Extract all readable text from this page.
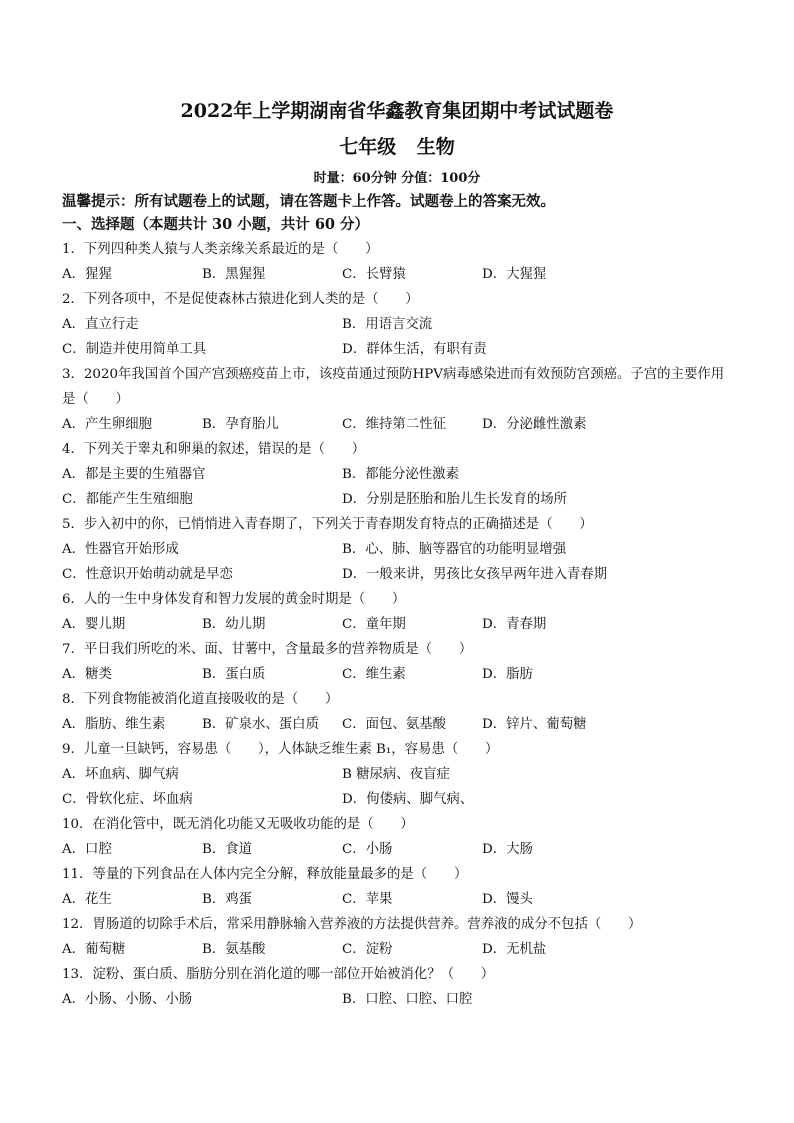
2022年上学期湖南省华鑫教育集团期中考试试题卷
七年级 生物
时量：60分钟 分值：100分
温馨提示：所有试题卷上的试题，请在答题卡上作答。试题卷上的答案无效。
一、选择题（本题共计 30 小题，共计 60 分）
1．下列四种类人猿与人类亲缘关系最近的是（　　）
A．猩猩	B．黑猩猩	C．长臂猿	D．大猩猩
2．下列各项中，不是促使森林古猿进化到人类的是（　　）
A．直立行走	B．用语言交流
C．制造并使用简单工具	D．群体生活，有职有责
3．2020年我国首个国产宫颈癌疫苗上市，该疫苗通过预防HPV病毒感染进而有效预防宫颈癌。子宫的主要作用是（　　）
A．产生卵细胞	B．孕育胎儿	C．维持第二性征	D．分泌雌性激素
4．下列关于睾丸和卵巢的叙述，错误的是（　　）
A．都是主要的生殖器官	B．都能分泌性激素
C．都能产生生殖细胞	D．分别是胚胎和胎儿生长发育的场所
5．步入初中的你，已悄悄进入青春期了，下列关于青春期发育特点的正确描述是（　　）
A．性器官开始形成	B．心、肺、脑等器官的功能明显增强
C．性意识开始萌动就是早恋	D．一般来讲，男孩比女孩早两年进入青春期
6．人的一生中身体发育和智力发展的黄金时期是（　　）
A．婴儿期	B．幼儿期	C．童年期	D．青春期
7．平日我们所吃的米、面、甘薯中，含量最多的营养物质是（　　）
A．糖类	B．蛋白质	C．维生素	D．脂肪
8．下列食物能被消化道直接吸收的是（　　）
A．脂肪、维生素	B．矿泉水、蛋白质 C．面包、氨基酸	D．锌片、葡萄糖
9．儿童一旦缺钙，容易患（　　），人体缺乏维生素 B₁，容易患（　　）
A．坏血病、脚气病	B 糖尿病、夜盲症
C．骨软化症、坏血病	D．佝偻病、脚气病、
10．在消化管中，既无消化功能又无吸收功能的是（　　）
A．口腔	B．食道	C．小肠	D．大肠
11．等量的下列食品在人体内完全分解，释放能量最多的是（　　）
A．花生	B．鸡蛋	C．苹果	D．馒头
12．胃肠道的切除手术后，常采用静脉输入营养液的方法提供营养。营养液的成分不包括（　　）
A．葡萄糖	B．氨基酸	C．淀粉	D．无机盐
13．淀粉、蛋白质、脂肪分别在消化道的哪一部位开始被消化？（　　）
A．小肠、小肠、小肠	B．口腔、口腔、口腔
